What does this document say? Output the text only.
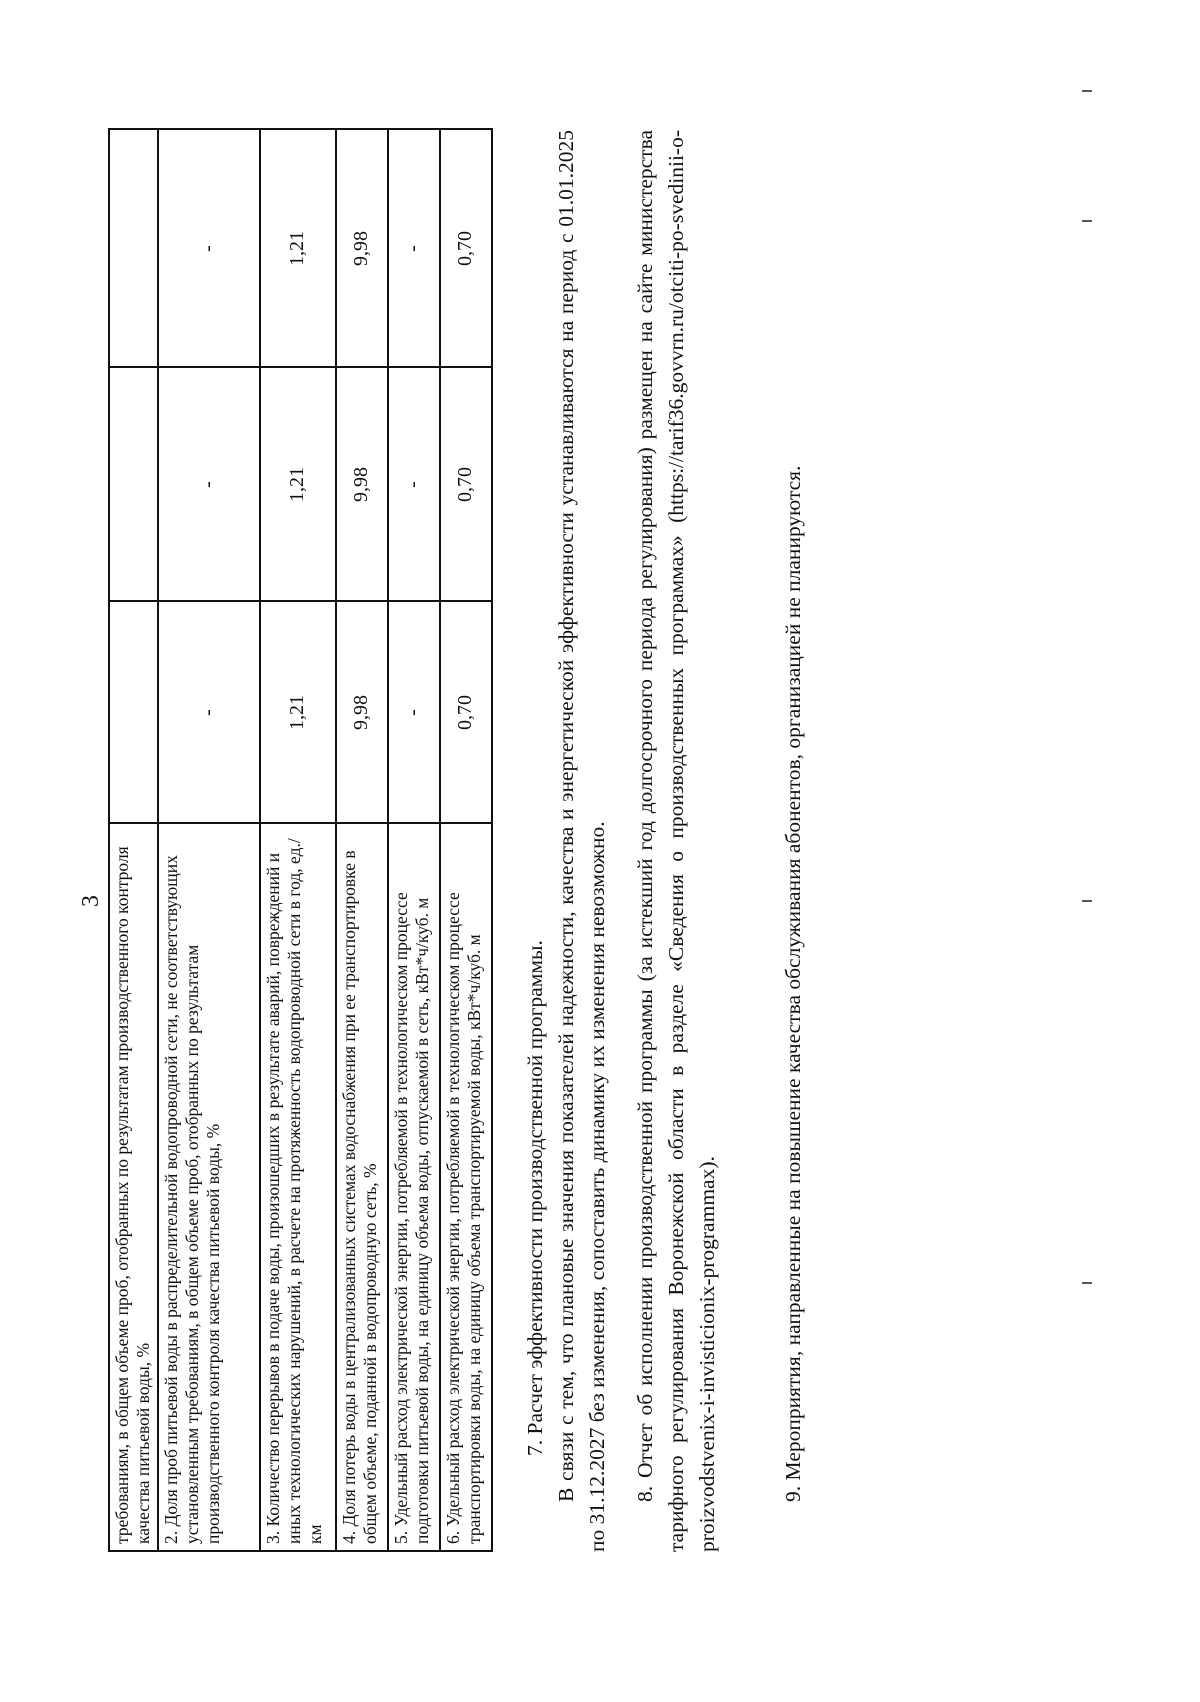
3 требованиям, в общем объеме проб, отобранных по результатам производственного контроля качества питьевой воды, %			
2. Доля проб питьевой воды в распределительной водопроводной сети, не соответствующих установленным требованиям, в общем объеме проб, отобранных по результатам производственного контроля качества питьевой воды, %	-	-	-
3. Количество перерывов в подаче воды, произошедших в результате аварий, повреждений и иных технологических нарушений, в расчете на протяженность водопроводной сети в год, ед./км	1,21	1,21	1,21
4. Доля потерь воды в централизованных системах водоснабжения при ее транспортировке в общем объеме, поданной в водопроводную сеть, %	9,98	9,98	9,98
5. Удельный расход электрической энергии, потребляемой в технологическом процессе подготовки питьевой воды, на единицу объема воды, отпускаемой в сеть, кВт*ч/куб. м	-	-	-
6. Удельный расход электрической энергии, потребляемой в технологическом процессе транспортировки воды, на единицу объема транспортируемой воды, кВт*ч/куб. м	0,70	0,70	0,70

7. Расчет эффективности производственной программы. В связи с тем, что плановые значения показателей надежности, качества и энергетической эффективности устанавливаются на период с 01.01.2025 по 31.12.2027 без изменения, сопоставить динамику их изменения невозможно. 8. Отчет об исполнении производственной программы (за истекший год долгосрочного периода регулирования) размещен на сайте министерства тарифного регулирования Воронежской области в разделе «Сведения о производственных программах» (https://tarif36.govvrn.ru/otciti-po-svedinii-o-proizvodstvenix-i-invisticionix-programmax).	9. Мероприятия, направленные на повышение качества обслуживания абонентов, организацией не планируются.
